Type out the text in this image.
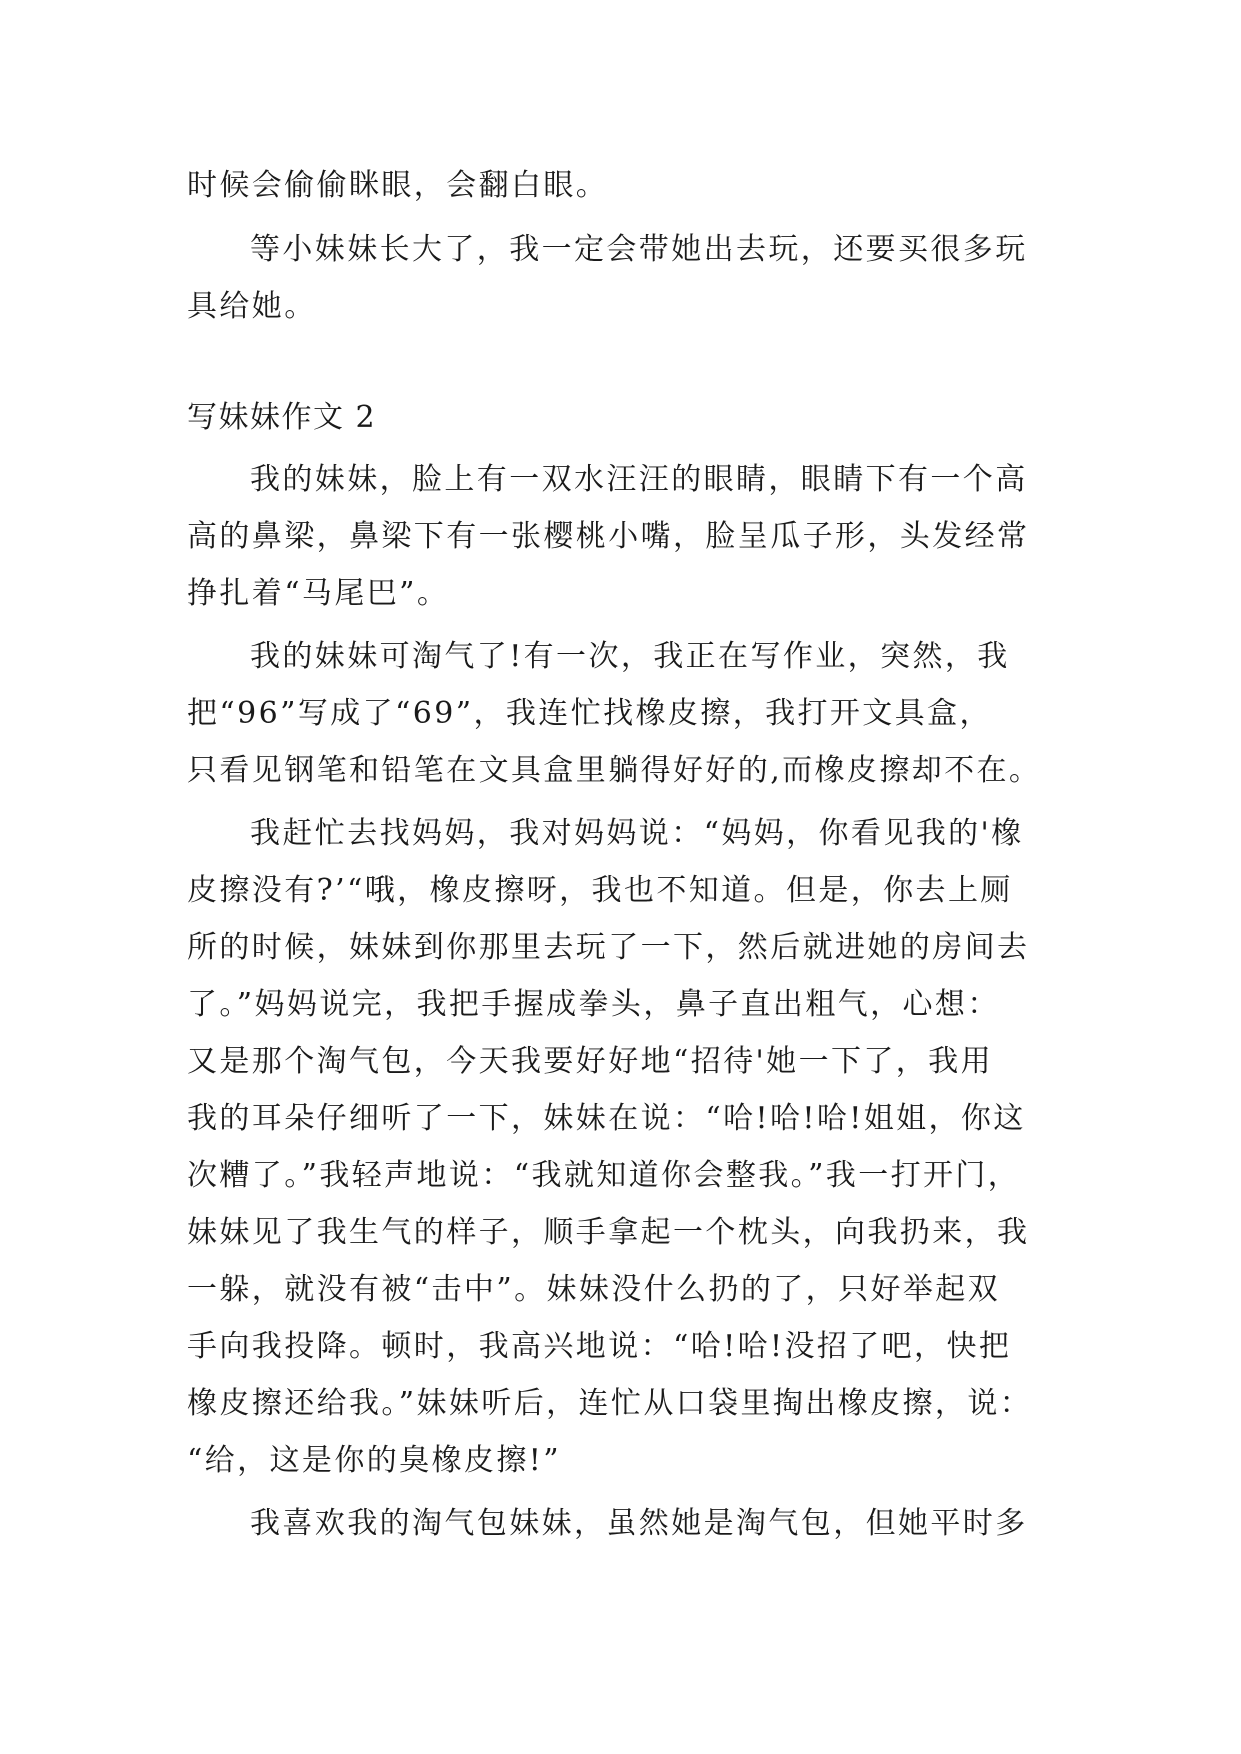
时候会偷偷眯眼，会翻白眼。
等小妹妹长大了，我一定会带她出去玩，还要买很多玩
具给她。
写妹妹作文 2
我的妹妹，脸上有一双水汪汪的眼睛，眼睛下有一个高
高的鼻梁，鼻梁下有一张樱桃小嘴，脸呈瓜子形，头发经常
挣扎着“马尾巴”。
我的妹妹可淘气了!有一次，我正在写作业，突然，我
把“96”写成了“69”，我连忙找橡皮擦，我打开文具盒，
只看见钢笔和铅笔在文具盒里躺得好好的,而橡皮擦却不在。
我赶忙去找妈妈，我对妈妈说：“妈妈，你看见我的'橡
皮擦没有?’“哦，橡皮擦呀，我也不知道。但是，你去上厕
所的时候，妹妹到你那里去玩了一下，然后就进她的房间去
了。”妈妈说完，我把手握成拳头，鼻子直出粗气，心想：
又是那个淘气包，今天我要好好地“招待'她一下了，我用
我的耳朵仔细听了一下，妹妹在说：“哈!哈!哈!姐姐，你这
次糟了。”我轻声地说：“我就知道你会整我。”我一打开门，
妹妹见了我生气的样子，顺手拿起一个枕头，向我扔来，我
一躲，就没有被“击中”。妹妹没什么扔的了，只好举起双
手向我投降。顿时，我高兴地说：“哈!哈!没招了吧，快把
橡皮擦还给我。”妹妹听后，连忙从口袋里掏出橡皮擦，说：
“给，这是你的臭橡皮擦!”
我喜欢我的淘气包妹妹，虽然她是淘气包，但她平时多
